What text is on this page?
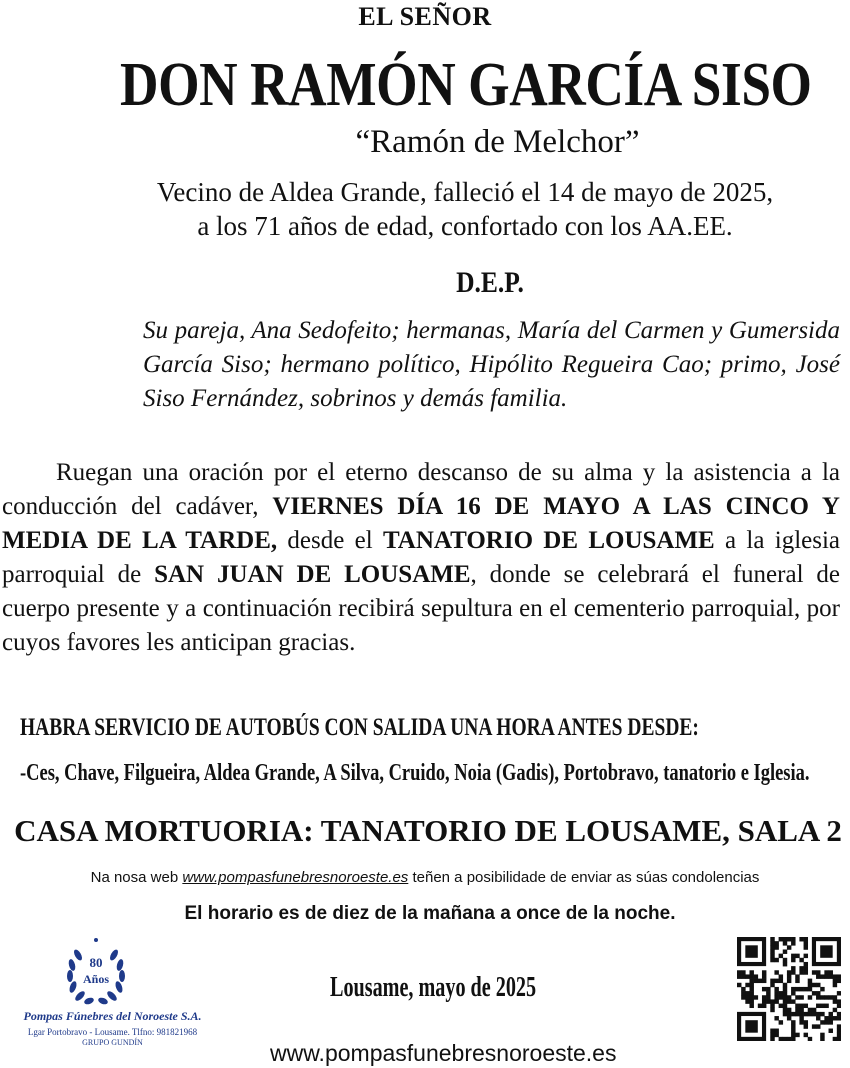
EL SEÑOR
DON RAMÓN GARCÍA SISO
“Ramón de Melchor”
Vecino de Aldea Grande, falleció el 14 de mayo de 2025,
a los 71 años de edad, confortado con los AA.EE.
D.E.P.
Su pareja, Ana Sedofeito; hermanas, María del Carmen y Gumersida García Siso; hermano político, Hipólito Regueira Cao; primo, José Siso Fernández, sobrinos y demás familia.
Ruegan una oración por el eterno descanso de su alma y la asistencia a la conducción del cadáver, VIERNES DÍA 16 DE MAYO A LAS CINCO Y MEDIA DE LA TARDE, desde el TANATORIO DE LOUSAME a la iglesia parroquial de SAN JUAN DE LOUSAME, donde se celebrará el funeral de cuerpo presente y a continuación recibirá sepultura en el cementerio parroquial, por cuyos favores les anticipan gracias.
HABRA SERVICIO DE AUTOBÚS CON SALIDA UNA HORA ANTES DESDE:
-Ces, Chave, Filgueira, Aldea Grande, A Silva, Cruido, Noia (Gadis), Portobravo, tanatorio e Iglesia.
CASA MORTUORIA: TANATORIO DE LOUSAME, SALA 2
Na nosa web www.pompasfunebresnoroeste.es teñen a posibilidade de enviar as súas condolencias
El horario es de diez de la mañana a once de la noche.
Lousame, mayo de 2025
www.pompasfunebresnoroeste.es
80
Años
Pompas Fúnebres del Noroeste S.A.
Lgar Portobravo - Lousame. Tlfno: 981821968
GRUPO GUNDÍN
